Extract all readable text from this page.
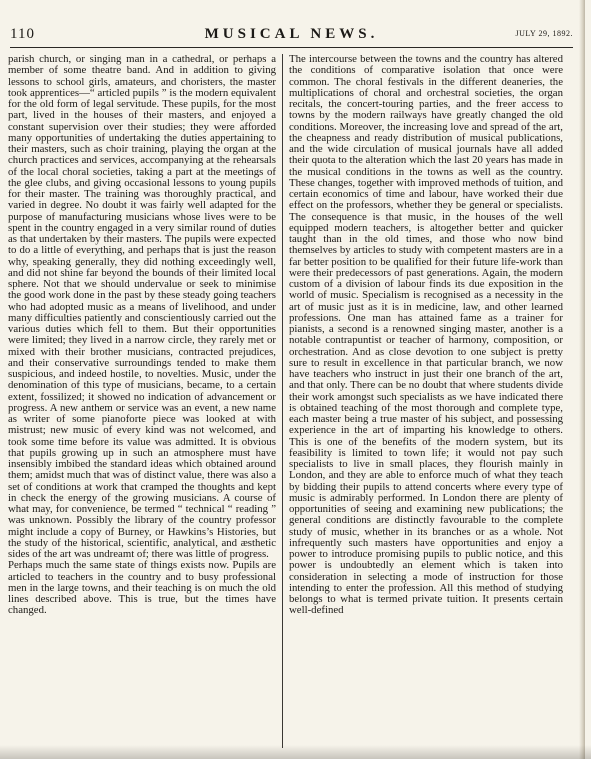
110	MUSICAL NEWS.	JULY 29, 1892.

parish church, or singing man in a cathedral, or perhaps a member of some theatre band. And in addition to giving lessons to school girls, amateurs, and choristers, the master took apprentices—“ articled pupils ” is the modern equivalent for the old form of legal servitude. These pupils, for the most part, lived in the houses of their masters, and enjoyed a constant supervision over their studies; they were afforded many opportunities of undertaking the duties appertaining to their masters, such as choir training, playing the organ at the church practices and services, accompanying at the rehearsals of the local choral societies, taking a part at the meetings of the glee clubs, and giving occasional lessons to young pupils for their master. The training was thoroughly practical, and varied in degree. No doubt it was fairly well adapted for the purpose of manufacturing musicians whose lives were to be spent in the country engaged in a very similar round of duties as that undertaken by their masters. The pupils were expected to do a little of everything, and perhaps that is just the reason why, speaking generally, they did nothing exceedingly well, and did not shine far beyond the bounds of their limited local sphere. Not that we should undervalue or seek to minimise the good work done in the past by these steady going teachers who had adopted music as a means of livelihood, and under many difficulties patiently and conscientiously carried out the various duties which fell to them. But their opportunities were limited; they lived in a narrow circle, they rarely met or mixed with their brother musicians, contracted prejudices, and their conservative surroundings tended to make them suspicious, and indeed hostile, to novelties. Music, under the denomination of this type of musicians, became, to a certain extent, fossilized; it showed no indication of advancement or progress. A new anthem or service was an event, a new name as writer of some pianoforte piece was looked at with mistrust; new music of every kind was not welcomed, and took some time before its value was admitted. It is obvious that pupils growing up in such an atmosphere must have insensibly imbibed the standard ideas which obtained around them; amidst much that was of distinct value, there was also a set of conditions at work that cramped the thoughts and kept in check the energy of the growing musicians. A course of what may, for convenience, be termed “ technical “ reading ” was unknown. Possibly the library of the country professor might include a copy of Burney, or Hawkins’s Histories, but the study of the historical, scientific, analytical, and æsthetic sides of the art was undreamt of; there was little of progress.

Perhaps much the same state of things exists now. Pupils are articled to teachers in the country and to busy professional men in the large towns, and their teaching is on much the old lines described above. This is true, but the times have changed.

The intercourse between the towns and the country has altered the conditions of comparative isolation that once were common. The choral festivals in the different deaneries, the multiplications of choral and orchestral societies, the organ recitals, the concert-touring parties, and the freer access to towns by the modern railways have greatly changed the old conditions. Moreover, the increasing love and spread of the art, the cheapness and ready distribution of musical publications, and the wide circulation of musical journals have all added their quota to the alteration which the last 20 years has made in the musical conditions in the towns as well as the country. These changes, together with improved methods of tuition, and certain economics of time and labour, have worked their due effect on the professors, whether they be general or specialists. The consequence is that music, in the houses of the well equipped modern teachers, is altogether better and quicker taught than in the old times, and those who now bind themselves by articles to study with competent masters are in a far better position to be qualified for their future life-work than were their predecessors of past generations. Again, the modern custom of a division of labour finds its due exposition in the world of music. Specialism is recognised as a necessity in the art of music just as it is in medicine, law, and other learned professions. One man has attained fame as a trainer for pianists, a second is a renowned singing master, another is a notable contrapuntist or teacher of harmony, composition, or orchestration. And as close devotion to one subject is pretty sure to result in excellence in that particular branch, we now have teachers who instruct in just their one branch of the art, and that only. There can be no doubt that where students divide their work amongst such specialists as we have indicated there is obtained teaching of the most thorough and complete type, each master being a true master of his subject, and possessing experience in the art of imparting his knowledge to others. This is one of the benefits of the modern system, but its feasibility is limited to town life; it would not pay such specialists to live in small places, they flourish mainly in London, and they are able to enforce much of what they teach by bidding their pupils to attend concerts where every type of music is admirably performed. In London there are plenty of opportunities of seeing and examining new publications; the general conditions are distinctly favourable to the complete study of music, whether in its branches or as a whole. Not infrequently such masters have opportunities and enjoy a power to introduce promising pupils to public notice, and this power is undoubtedly an element which is taken into consideration in selecting a mode of instruction for those intending to enter the profession. All this method of studying belongs to what is termed private tuition. It presents certain well-defined
